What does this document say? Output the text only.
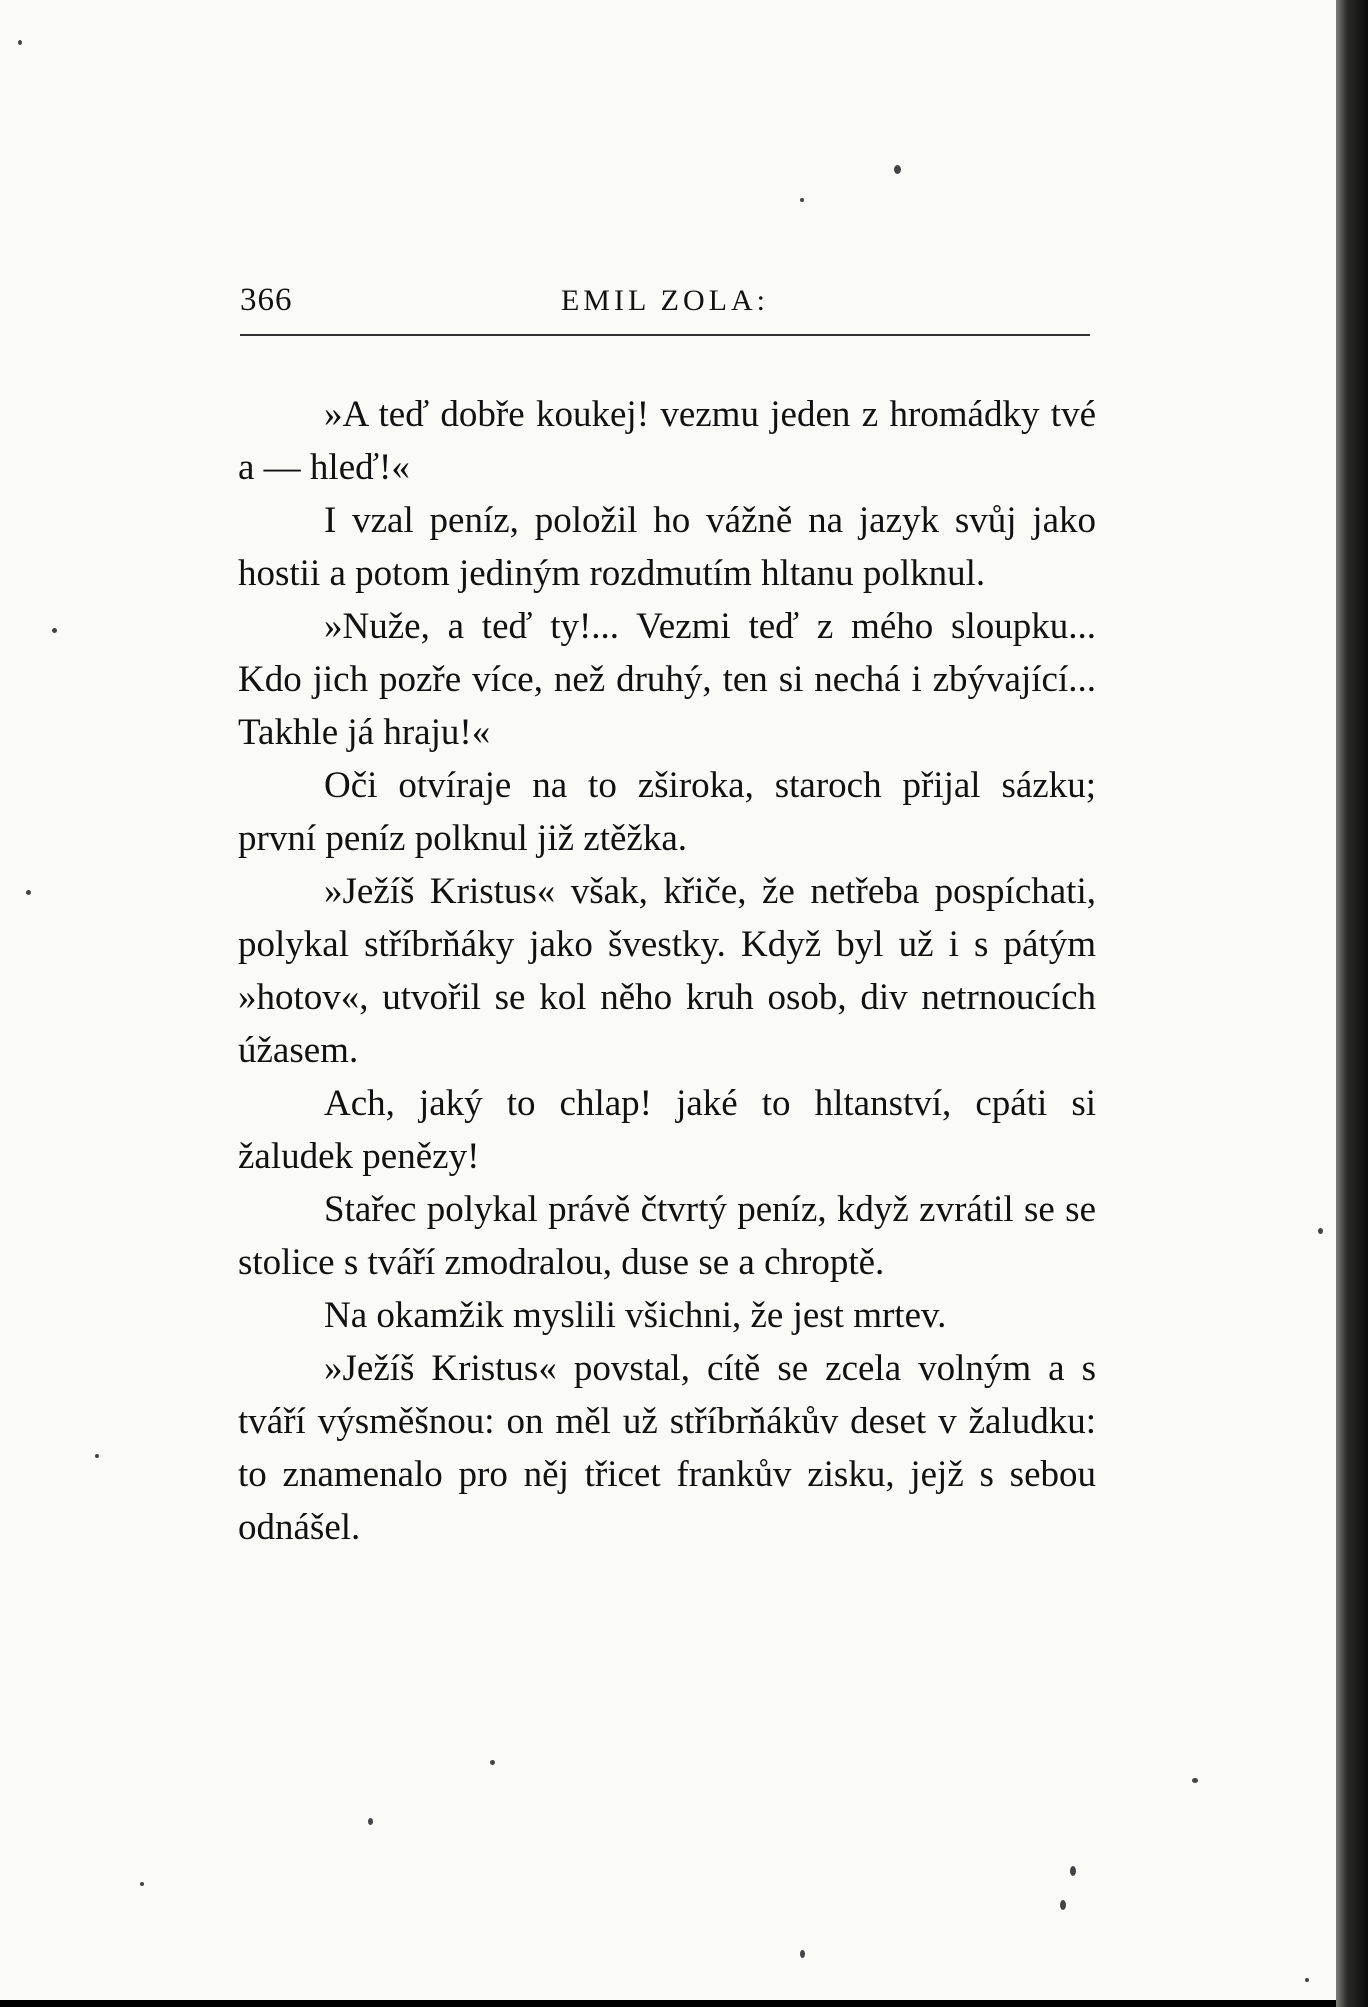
366	EMIL ZOLA:

»A teď dobře koukej! vezmu jeden z hromádky tvé a — hleď!«

I vzal peníz, položil ho vážně na jazyk svůj jako hostii a potom jediným rozdmutím hltanu polknul.

»Nuže, a teď ty!... Vezmi teď z mého sloupku... Kdo jich pozře více, než druhý, ten si nechá i zbývající... Takhle já hraju!«

Oči otvíraje na to zširoka, staroch přijal sázku; první peníz polknul již ztěžka.

»Ježíš Kristus« však, křiče, že netřeba pospíchati, polykal stříbrňáky jako švestky. Když byl už i s pátým »hotov«, utvořil se kol něho kruh osob, div netrnoucích úžasem.

Ach, jaký to chlap! jaké to hltanství, cpáti si žaludek penězy!

Stařec polykal právě čtvrtý peníz, když zvrátil se se stolice s tváří zmodralou, duse se a chroptě.

Na okamžik myslili všichni, že jest mrtev.

»Ježíš Kristus« povstal, cítě se zcela volným a s tváří výsměšnou: on měl už stříbrňákův deset v žaludku: to znamenalo pro něj třicet frankův zisku, jejž s sebou odnášel.
